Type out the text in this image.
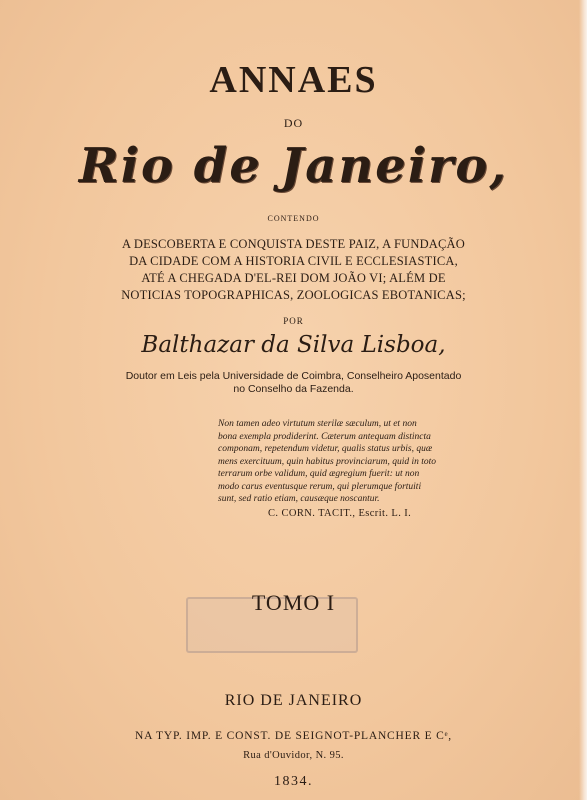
ANNAES
DO
Rio de Janeiro,
CONTENDO
A DESCOBERTA E CONQUISTA DESTE PAIZ, A FUNDAÇÃO
DA CIDADE COM A HISTORIA CIVIL E ECCLESIASTICA,
ATÉ A CHEGADA D'EL-REI DOM JOÃO VI; ALÉM DE
NOTICIAS TOPOGRAPHICAS, ZOOLOGICAS EBOTANICAS;
POR
Balthazar da Silva Lisboa,
Doutor em Leis pela Universidade de Coimbra, Conselheiro Aposentado
no Conselho da Fazenda.
Non tamen adeo virtutum sterilæ sæculum, ut et non
bona exempla prodiderint. Cæterum antequam distincta
componam, repetendum videtur, qualis status urbis, quæ
mens exercituum, quin habitus provinciarum, quid in toto
terrarum orbe validum, quid ægregium fuerit: ut non
modo carus eventusque rerum, qui plerumque fortuiti
sunt, sed ratio etiam, causæque noscantur.
C. CORN. TACIT., Escrit. L. I.
TOMO I
RIO DE JANEIRO
NA TYP. IMP. E CONST. DE SEIGNOT-PLANCHER E Cᵉ,
Rua d'Ouvidor, N. 95.
1834.
